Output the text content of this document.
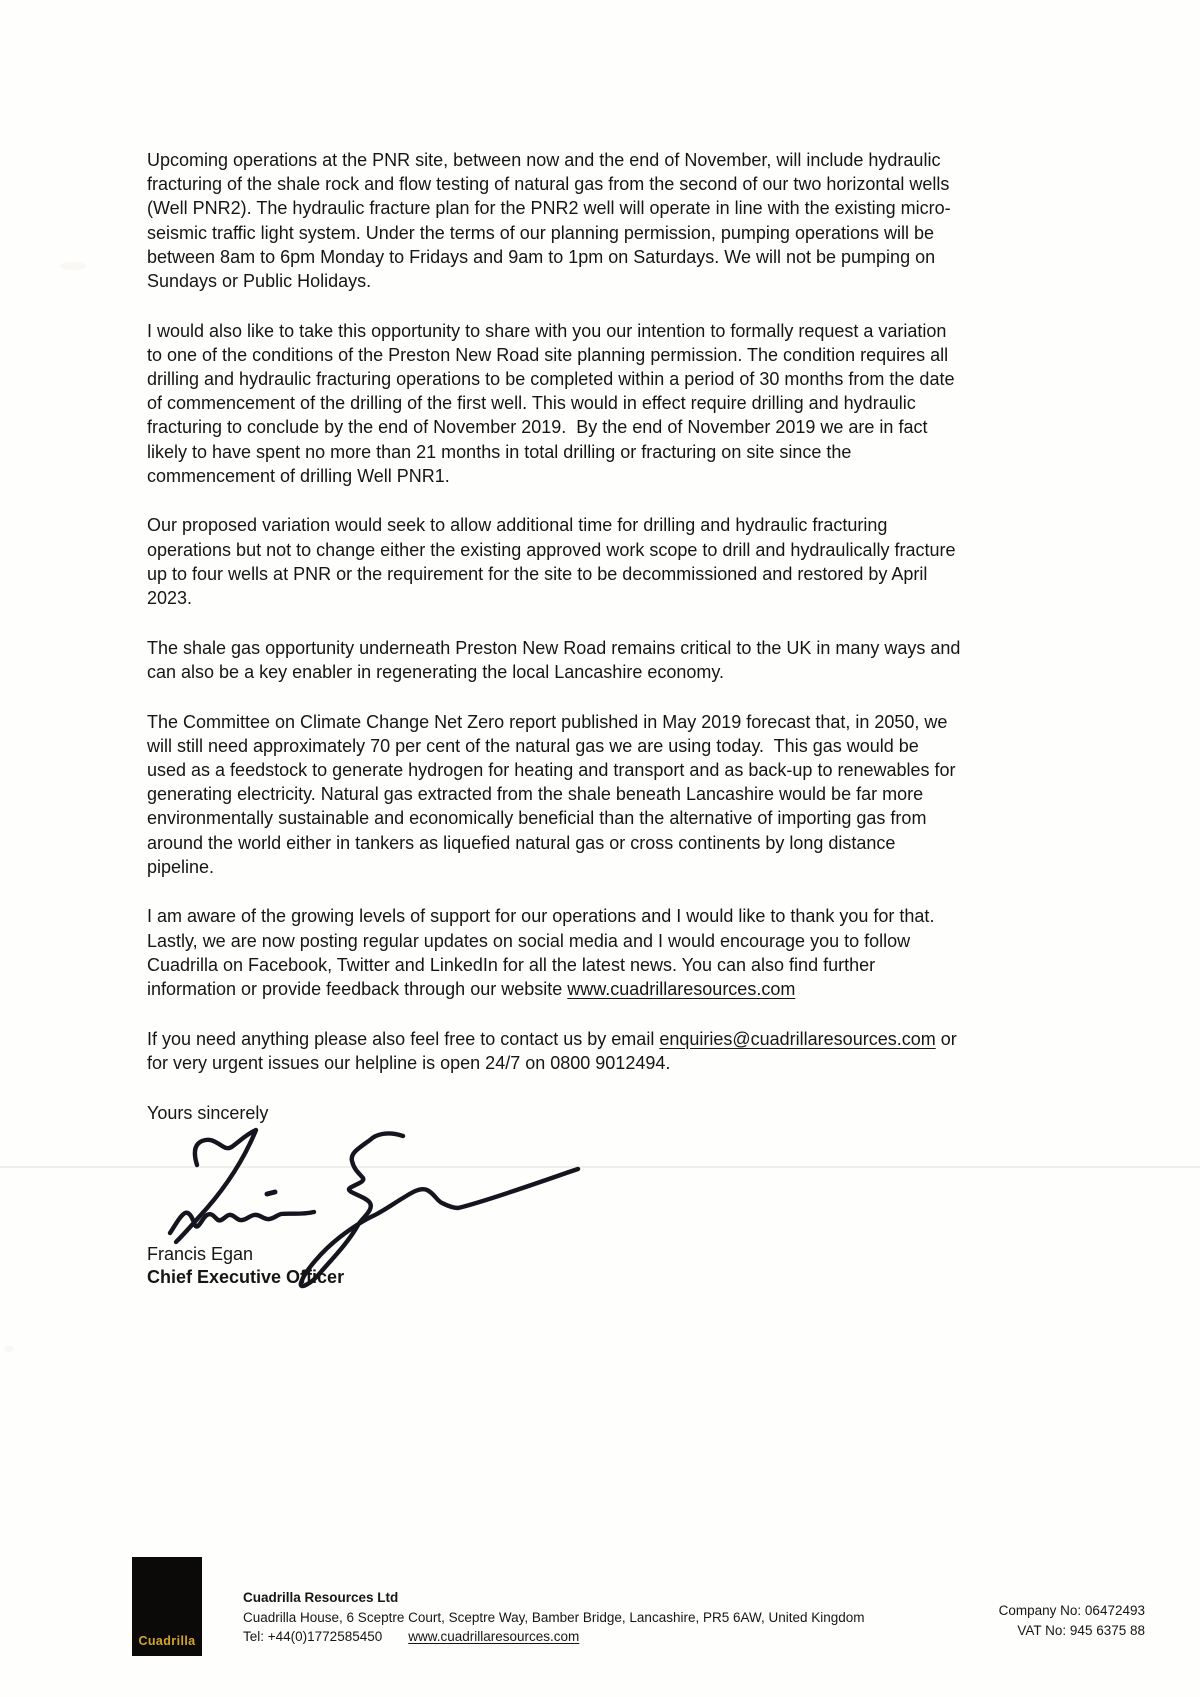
Upcoming operations at the PNR site, between now and the end of November, will include hydraulic
fracturing of the shale rock and flow testing of natural gas from the second of our two horizontal wells
(Well PNR2). The hydraulic fracture plan for the PNR2 well will operate in line with the existing micro-
seismic traffic light system. Under the terms of our planning permission, pumping operations will be
between 8am to 6pm Monday to Fridays and 9am to 1pm on Saturdays. We will not be pumping on
Sundays or Public Holidays.
I would also like to take this opportunity to share with you our intention to formally request a variation
to one of the conditions of the Preston New Road site planning permission. The condition requires all
drilling and hydraulic fracturing operations to be completed within a period of 30 months from the date
of commencement of the drilling of the first well. This would in effect require drilling and hydraulic
fracturing to conclude by the end of November 2019.  By the end of November 2019 we are in fact
likely to have spent no more than 21 months in total drilling or fracturing on site since the
commencement of drilling Well PNR1.
Our proposed variation would seek to allow additional time for drilling and hydraulic fracturing
operations but not to change either the existing approved work scope to drill and hydraulically fracture
up to four wells at PNR or the requirement for the site to be decommissioned and restored by April
2023.
The shale gas opportunity underneath Preston New Road remains critical to the UK in many ways and
can also be a key enabler in regenerating the local Lancashire economy.
The Committee on Climate Change Net Zero report published in May 2019 forecast that, in 2050, we
will still need approximately 70 per cent of the natural gas we are using today.  This gas would be
used as a feedstock to generate hydrogen for heating and transport and as back-up to renewables for
generating electricity. Natural gas extracted from the shale beneath Lancashire would be far more
environmentally sustainable and economically beneficial than the alternative of importing gas from
around the world either in tankers as liquefied natural gas or cross continents by long distance
pipeline.
I am aware of the growing levels of support for our operations and I would like to thank you for that.
Lastly, we are now posting regular updates on social media and I would encourage you to follow
Cuadrilla on Facebook, Twitter and LinkedIn for all the latest news. You can also find further
information or provide feedback through our website www.cuadrillaresources.com
If you need anything please also feel free to contact us by email enquiries@cuadrillaresources.com or
for very urgent issues our helpline is open 24/7 on 0800 9012494.
Yours sincerely
Francis Egan
Chief Executive Officer
Cuadrilla
Cuadrilla Resources Ltd
Cuadrilla House, 6 Sceptre Court, Sceptre Way, Bamber Bridge, Lancashire, PR5 6AW, United Kingdom
Tel: +44(0)1772585450 www.cuadrillaresources.com
Company No: 06472493
VAT No: 945 6375 88
